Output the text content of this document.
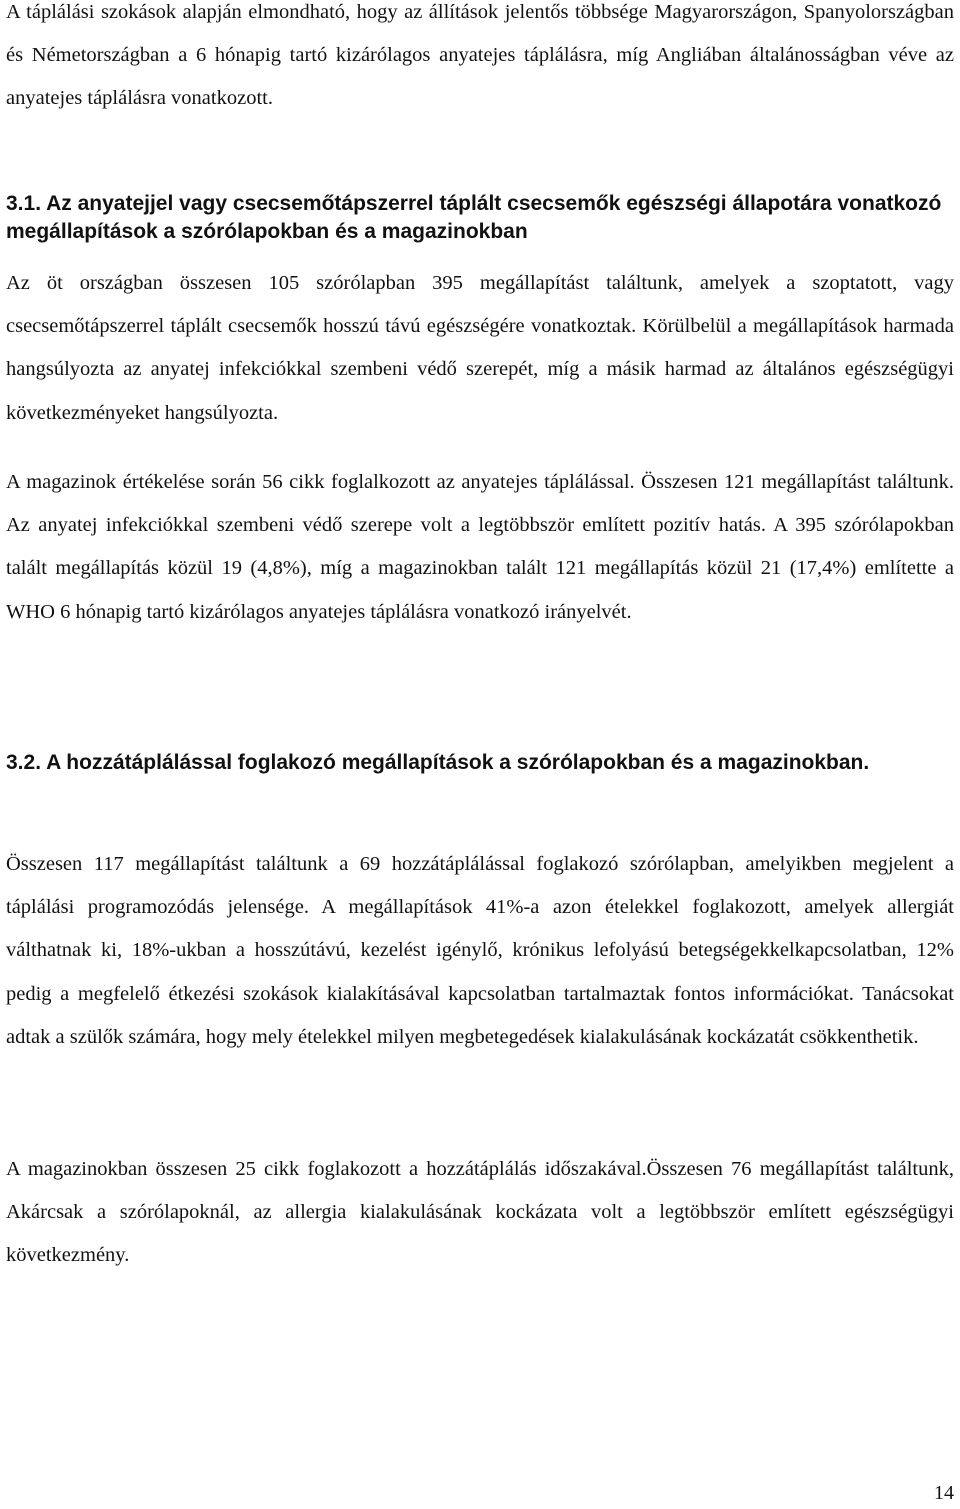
A táplálási szokások alapján elmondható, hogy az állítások jelentős többsége Magyarországon, Spanyolországban és Németországban a 6 hónapig tartó kizárólagos anyatejes táplálásra, míg Angliában általánosságban véve az anyatejes táplálásra vonatkozott.

3.1. Az anyatejjel vagy csecsemőtápszerrel táplált csecsemők egészségi állapotára vonatkozó megállapítások a szórólapokban és a magazinokban

Az öt országban összesen 105 szórólapban 395 megállapítást találtunk, amelyek a szoptatott, vagy csecsemőtápszerrel táplált csecsemők hosszú távú egészségére vonatkoztak. Körülbelül a megállapítások harmada hangsúlyozta az anyatej infekciókkal szembeni védő szerepét, míg a másik harmad az általános egészségügyi következményeket hangsúlyozta.

A magazinok értékelése során 56 cikk foglalkozott az anyatejes táplálással. Összesen 121 megállapítást találtunk. Az anyatej infekciókkal szembeni védő szerepe volt a legtöbbször említett pozitív hatás. A 395 szórólapokban talált megállapítás közül 19 (4,8%), míg a magazinokban talált 121 megállapítás közül 21 (17,4%) említette a WHO 6 hónapig tartó kizárólagos anyatejes táplálásra vonatkozó irányelvét.

3.2. A hozzátáplálással foglakozó megállapítások a szórólapokban és a magazinokban.

Összesen 117 megállapítást találtunk a 69 hozzátáplálással foglakozó szórólapban, amelyikben megjelent a táplálási programozódás jelensége. A megállapítások 41%-a azon ételekkel foglakozott, amelyek allergiát válthatnak ki, 18%-ukban a hosszútávú, kezelést igénylő, krónikus lefolyású betegségekkelkapcsolatban, 12% pedig a megfelelő étkezési szokások kialakításával kapcsolatban tartalmaztak fontos információkat. Tanácsokat adtak a szülők számára, hogy mely ételekkel milyen megbetegedések kialakulásának kockázatát csökkenthetik.

A magazinokban összesen 25 cikk foglakozott a hozzátáplálás időszakával.Összesen 76 megállapítást találtunk, Akárcsak a szórólapoknál, az allergia kialakulásának kockázata volt a legtöbbször említett egészségügyi következmény.

14
